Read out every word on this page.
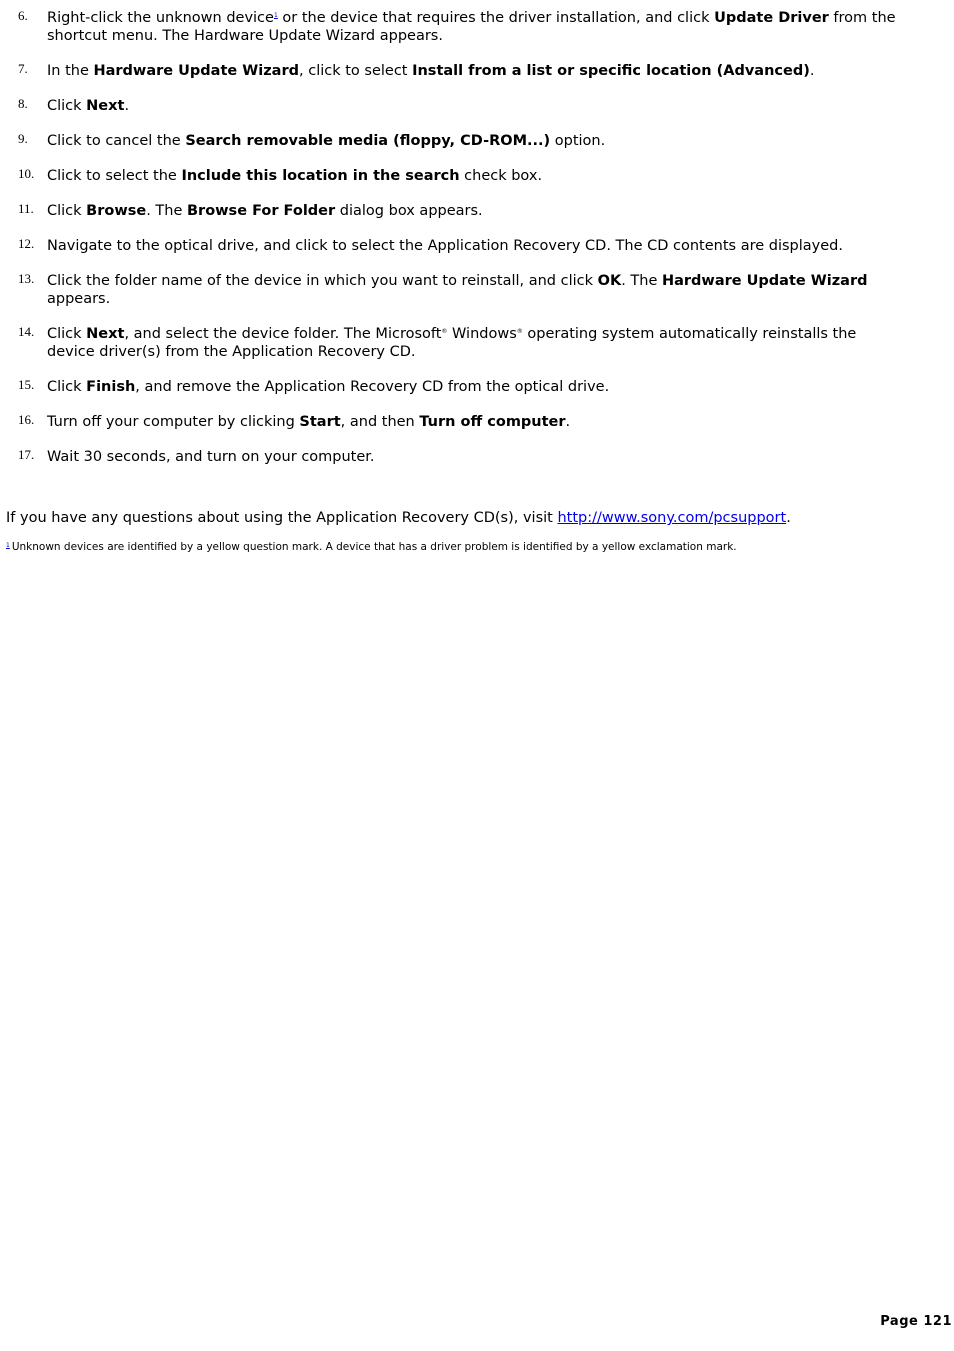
6.	Right-click the unknown device$^1$ or the device that requires the driver installation, and click Update Driver from the shortcut menu. The Hardware Update Wizard appears.
7.	In the Hardware Update Wizard, click to select Install from a list or specific location (Advanced).
8.	Click Next.
9.	Click to cancel the Search removable media (floppy, CD-ROM...) option.
10. Click to select the Include this location in the search check box.
11. Click Browse. The Browse For Folder dialog box appears.
12. Navigate to the optical drive, and click to select the Application Recovery CD. The CD contents are displayed.
13. Click the folder name of the device in which you want to reinstall, and click OK. The Hardware Update Wizard appears.
14. Click Next, and select the device folder. The Microsoft® Windows® operating system automatically reinstalls the device driver(s) from the Application Recovery CD.
15. Click Finish, and remove the Application Recovery CD from the optical drive.
16. Turn off your computer by clicking Start, and then Turn off computer.
17. Wait 30 seconds, and turn on your computer.
If you have any questions about using the Application Recovery CD(s), visit http://www.sony.com/pcsupport.
$^1$ Unknown devices are identified by a yellow question mark. A device that has a driver problem is identified by a yellow exclamation mark.
Page 121
